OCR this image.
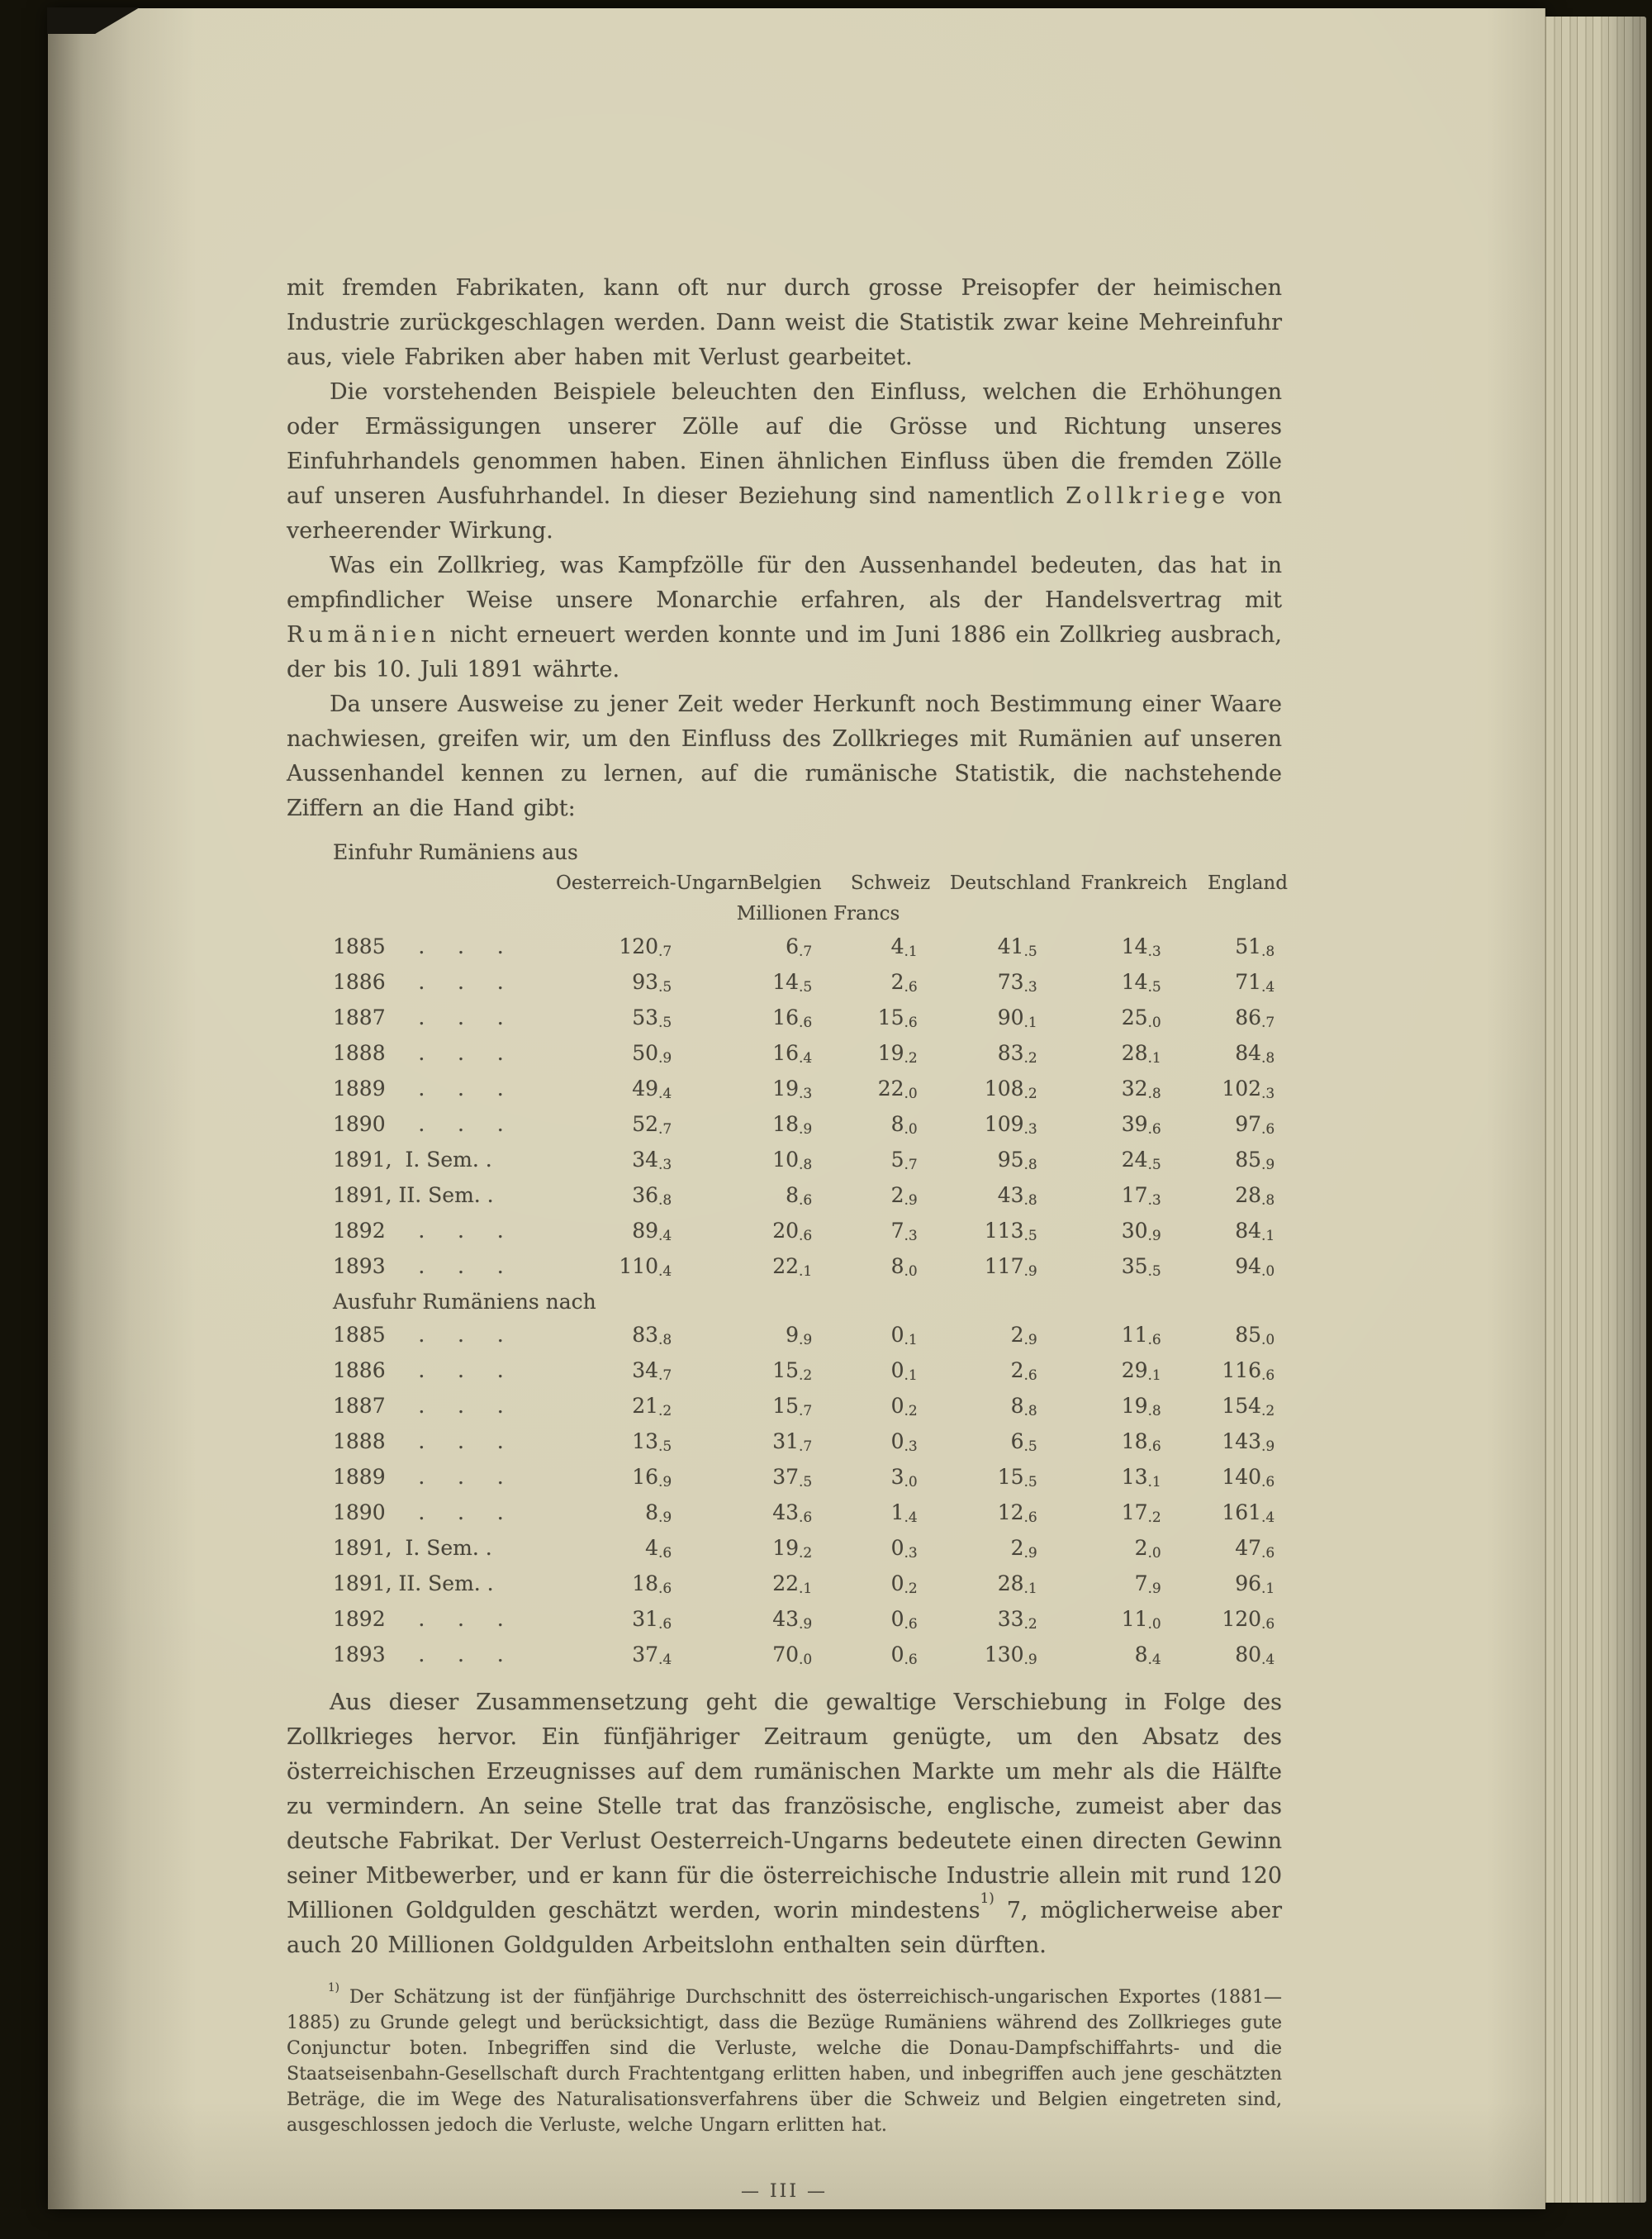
mit fremden Fabrikaten, kann oft nur durch grosse Preisopfer der heimischen Industrie zurückgeschlagen werden. Dann weist die Statistik zwar keine Mehreinfuhr aus, viele Fabriken aber haben mit Verlust gearbeitet.

Die vorstehenden Beispiele beleuchten den Einfluss, welchen die Erhöhungen oder Ermässigungen unserer Zölle auf die Grösse und Richtung unseres Einfuhrhandels genommen haben. Einen ähnlichen Einfluss üben die fremden Zölle auf unseren Ausfuhrhandel. In dieser Beziehung sind namentlich Zollkriege von verheerender Wirkung.

Was ein Zollkrieg, was Kampfzölle für den Aussenhandel bedeuten, das hat in empfindlicher Weise unsere Monarchie erfahren, als der Handelsvertrag mit Rumänien nicht erneuert werden konnte und im Juni 1886 ein Zollkrieg ausbrach, der bis 10. Juli 1891 währte.

Da unsere Ausweise zu jener Zeit weder Herkunft noch Bestimmung einer Waare nachwiesen, greifen wir, um den Einfluss des Zollkrieges mit Rumänien auf unseren Aussenhandel kennen zu lernen, auf die rumänische Statistik, die nachstehende Ziffern an die Hand gibt:

Einfuhr Rumäniens aus						
	Oesterreich-Ungarn	Belgien	Schweiz	Deutschland	Frankreich	England
Millionen Francs						
1885     .     .     .	120.7	6.7	4.1	41.5	14.3	51.8
1886     .     .     .	93.5	14.5	2.6	73.3	14.5	71.4
1887     .     .     .	53.5	16.6	15.6	90.1	25.0	86.7
1888     .     .     .	50.9	16.4	19.2	83.2	28.1	84.8
1889     .     .     .	49.4	19.3	22.0	108.2	32.8	102.3
1890     .     .     .	52.7	18.9	8.0	109.3	39.6	97.6
1891,  I. Sem. .	34.3	10.8	5.7	95.8	24.5	85.9
1891, II. Sem. .	36.8	8.6	2.9	43.8	17.3	28.8
1892     .     .     .	89.4	20.6	7.3	113.5	30.9	84.1
1893     .     .     .	110.4	22.1	8.0	117.9	35.5	94.0
Ausfuhr Rumäniens nach						
1885     .     .     .	83.8	9.9	0.1	2.9	11.6	85.0
1886     .     .     .	34.7	15.2	0.1	2.6	29.1	116.6
1887     .     .     .	21.2	15.7	0.2	8.8	19.8	154.2
1888     .     .     .	13.5	31.7	0.3	6.5	18.6	143.9
1889     .     .     .	16.9	37.5	3.0	15.5	13.1	140.6
1890     .     .     .	8.9	43.6	1.4	12.6	17.2	161.4
1891,  I. Sem. .	4.6	19.2	0.3	2.9	2.0	47.6
1891, II. Sem. .	18.6	22.1	0.2	28.1	7.9	96.1
1892     .     .     .	31.6	43.9	0.6	33.2	11.0	120.6
1893     .     .     .	37.4	70.0	0.6	130.9	8.4	80.4

Aus dieser Zusammensetzung geht die gewaltige Verschiebung in Folge des Zollkrieges hervor. Ein fünfjähriger Zeitraum genügte, um den Absatz des österreichischen Erzeugnisses auf dem rumänischen Markte um mehr als die Hälfte zu vermindern. An seine Stelle trat das französische, englische, zumeist aber das deutsche Fabrikat. Der Verlust Oesterreich-Ungarns bedeutete einen directen Gewinn seiner Mitbewerber, und er kann für die österreichische Industrie allein mit rund 120 Millionen Goldgulden geschätzt werden, worin mindestens$^{1)}$ 7, möglicherweise aber auch 20 Millionen Goldgulden Arbeitslohn enthalten sein dürften.

$^{1)}$ Der Schätzung ist der fünfjährige Durchschnitt des österreichisch-ungarischen Exportes (1881—1885) zu Grunde gelegt und berücksichtigt, dass die Bezüge Rumäniens während des Zollkrieges gute Conjunctur boten. Inbegriffen sind die Verluste, welche die Donau-Dampfschiffahrts- und die Staatseisenbahn-Gesellschaft durch Frachtentgang erlitten haben, und inbegriffen auch jene geschätzten Beträge, die im Wege des Naturalisationsverfahrens über die Schweiz und Belgien eingetreten sind, ausgeschlossen jedoch die Verluste, welche Ungarn erlitten hat.
— III —
